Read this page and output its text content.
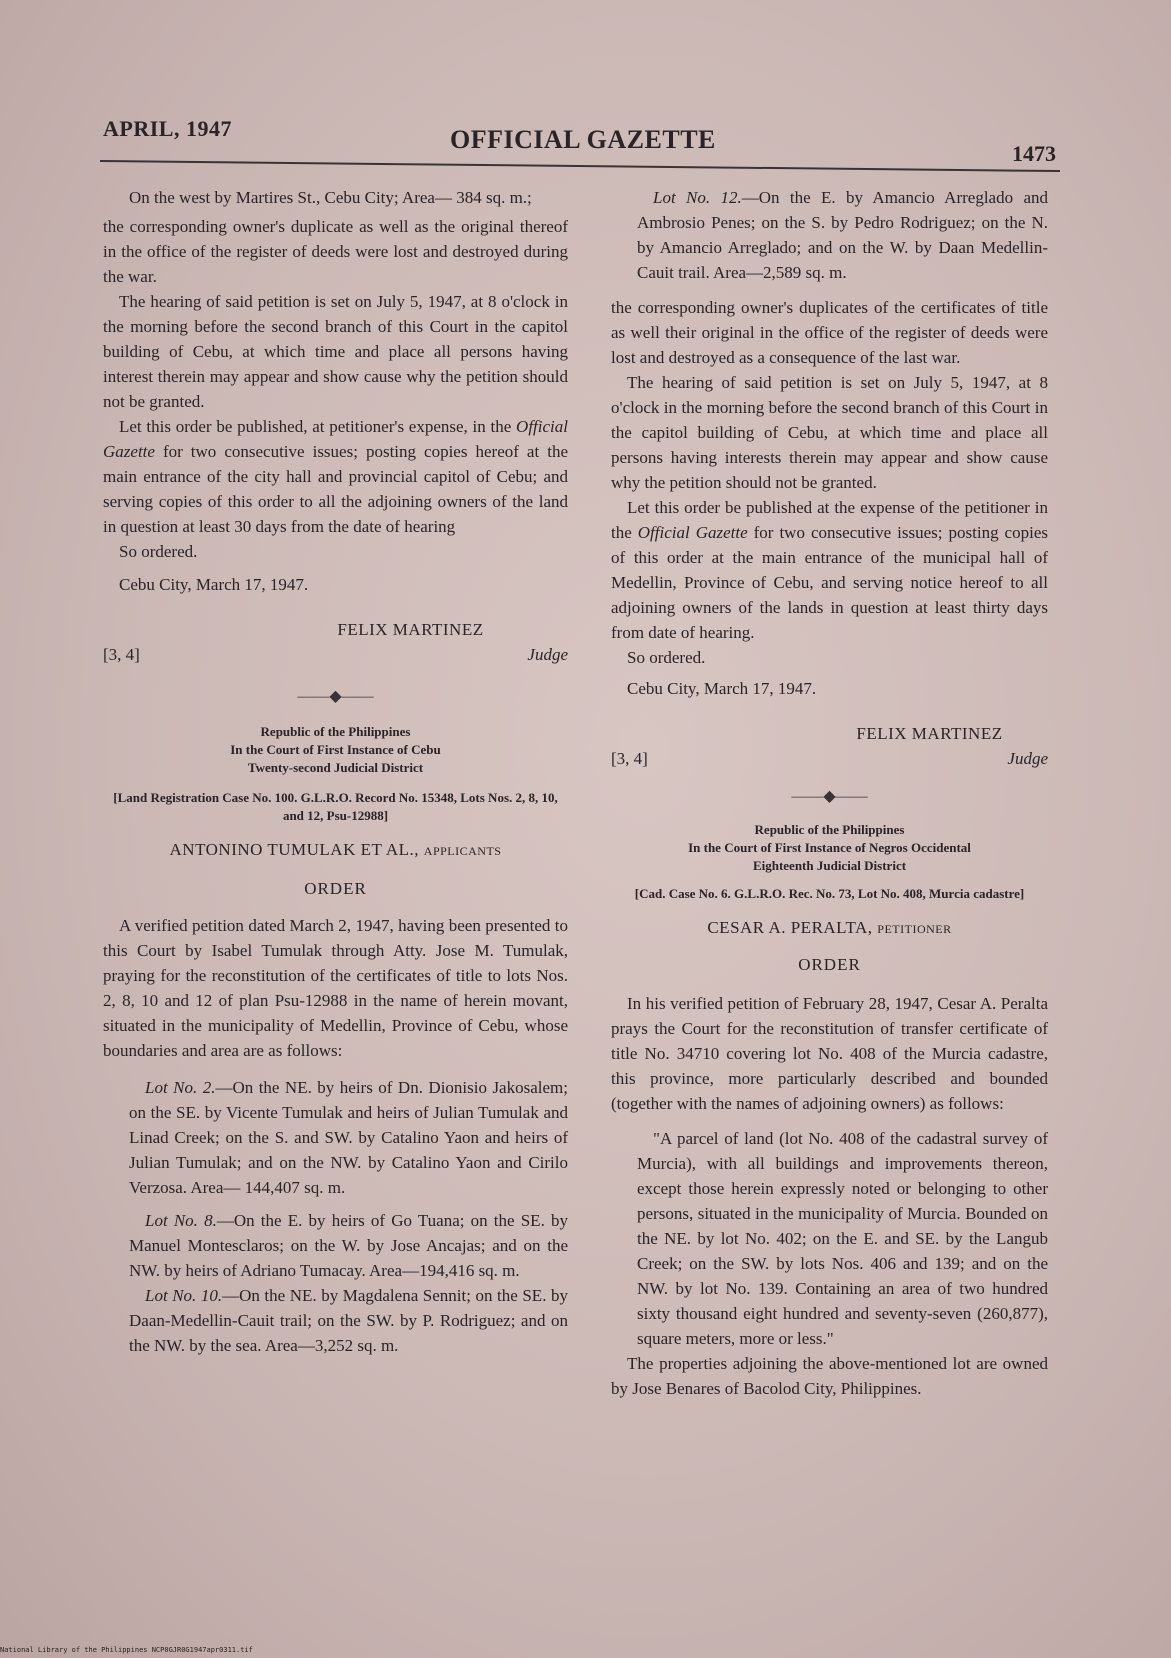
APRIL, 1947	OFFICIAL GAZETTE	1473

On the west by Martires St., Cebu City; Area— 384 sq. m.;

the corresponding owner's duplicate as well as the original thereof in the office of the register of deeds were lost and destroyed during the war.

The hearing of said petition is set on July 5, 1947, at 8 o'clock in the morning before the second branch of this Court in the capitol building of Cebu, at which time and place all persons having interest therein may appear and show cause why the petition should not be granted.

Let this order be published, at petitioner's expense, in the Official Gazette for two consecutive issues; posting copies hereof at the main entrance of the city hall and provincial capitol of Cebu; and serving copies of this order to all the adjoining owners of the land in question at least 30 days from the date of hearing

So ordered.

Cebu City, March 17, 1947.

FELIX MARTINEZ

[3, 4]	Judge
——◆——

Republic of the Philippines

In the Court of First Instance of Cebu

Twenty-second Judicial District

[Land Registration Case No. 100. G.L.R.O. Record No. 15348, Lots Nos. 2, 8, 10, and 12, Psu-12988]

ANTONINO TUMULAK ET AL., applicants

ORDER

A verified petition dated March 2, 1947, having been presented to this Court by Isabel Tumulak through Atty. Jose M. Tumulak, praying for the reconstitution of the certificates of title to lots Nos. 2, 8, 10 and 12 of plan Psu-12988 in the name of herein movant, situated in the municipality of Medellin, Province of Cebu, whose boundaries and area are as follows:

Lot No. 2.—On the NE. by heirs of Dn. Dionisio Jakosalem; on the SE. by Vicente Tumulak and heirs of Julian Tumulak and Linad Creek; on the S. and SW. by Catalino Yaon and heirs of Julian Tumulak; and on the NW. by Catalino Yaon and Cirilo Verzosa. Area— 144,407 sq. m.

Lot No. 8.—On the E. by heirs of Go Tuana; on the SE. by Manuel Montesclaros; on the W. by Jose Ancajas; and on the NW. by heirs of Adriano Tumacay. Area—194,416 sq. m.

Lot No. 10.—On the NE. by Magdalena Sennit; on the SE. by Daan-Medellin-Cauit trail; on the SW. by P. Rodriguez; and on the NW. by the sea. Area—3,252 sq. m.

Lot No. 12.—On the E. by Amancio Arreglado and Ambrosio Penes; on the S. by Pedro Rodriguez; on the N. by Amancio Arreglado; and on the W. by Daan Medellin-Cauit trail. Area—2,589 sq. m.

the corresponding owner's duplicates of the certificates of title as well their original in the office of the register of deeds were lost and destroyed as a consequence of the last war.

The hearing of said petition is set on July 5, 1947, at 8 o'clock in the morning before the second branch of this Court in the capitol building of Cebu, at which time and place all persons having interests therein may appear and show cause why the petition should not be granted.

Let this order be published at the expense of the petitioner in the Official Gazette for two consecutive issues; posting copies of this order at the main entrance of the municipal hall of Medellin, Province of Cebu, and serving notice hereof to all adjoining owners of the lands in question at least thirty days from date of hearing.

So ordered.

Cebu City, March 17, 1947.

FELIX MARTINEZ

[3, 4]	Judge
——◆——

Republic of the Philippines

In the Court of First Instance of Negros Occidental

Eighteenth Judicial District

[Cad. Case No. 6. G.L.R.O. Rec. No. 73, Lot No. 408, Murcia cadastre]

CESAR A. PERALTA, petitioner

ORDER

In his verified petition of February 28, 1947, Cesar A. Peralta prays the Court for the reconstitution of transfer certificate of title No. 34710 covering lot No. 408 of the Murcia cadastre, this province, more particularly described and bounded (together with the names of adjoining owners) as follows:

"A parcel of land (lot No. 408 of the cadastral survey of Murcia), with all buildings and improvements thereon, except those herein expressly noted or belonging to other persons, situated in the municipality of Murcia. Bounded on the NE. by lot No. 402; on the E. and SE. by the Langub Creek; on the SW. by lots Nos. 406 and 139; and on the NW. by lot No. 139. Containing an area of two hundred sixty thousand eight hundred and seventy-seven (260,877), square meters, more or less."

The properties adjoining the above-mentioned lot are owned by Jose Benares of Bacolod City, Philippines.

National Library of the Philippines NCP0GJR0G1947apr0311.tif
